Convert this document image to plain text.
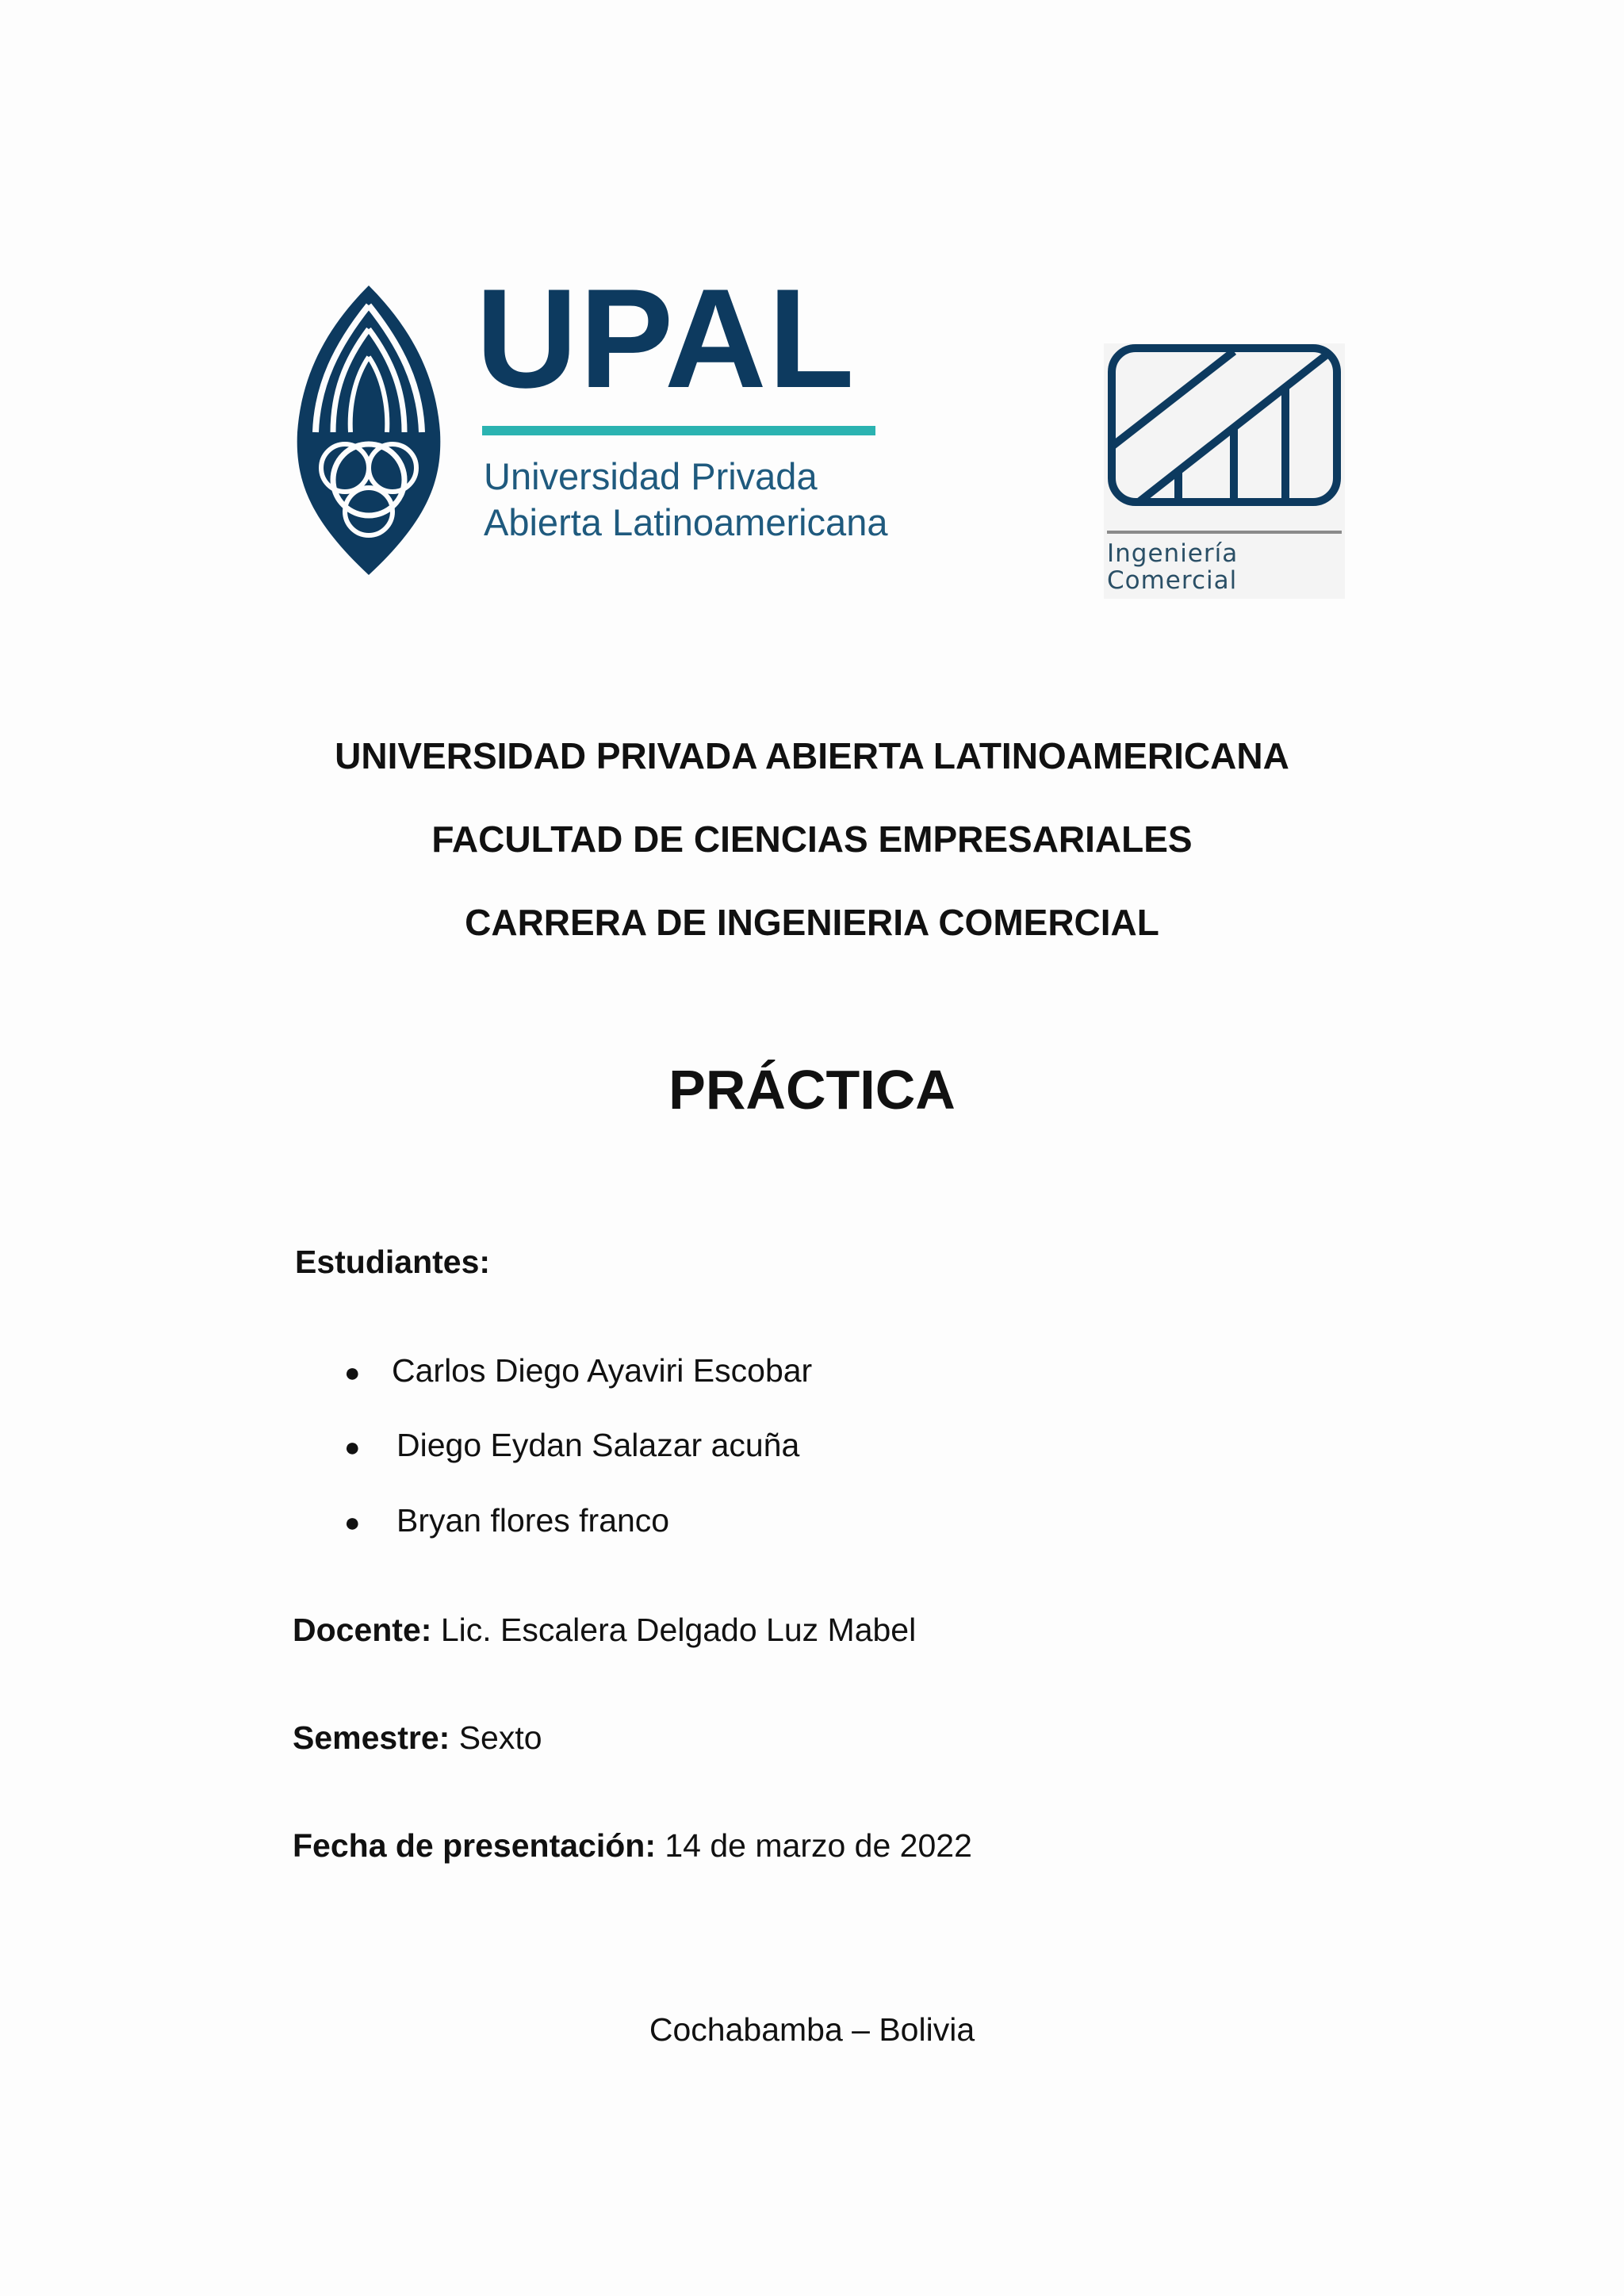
UPAL
Universidad Privada
Abierta Latinoamericana
Ingeniería
Comercial
UNIVERSIDAD PRIVADA ABIERTA LATINOAMERICANA
FACULTAD DE CIENCIAS EMPRESARIALES
CARRERA DE INGENIERIA COMERCIAL
PRÁCTICA
Estudiantes:
● Carlos Diego Ayaviri Escobar
● Diego Eydan Salazar acuña
● Bryan flores franco
Docente: Lic. Escalera Delgado Luz Mabel
Semestre: Sexto
Fecha de presentación: 14 de marzo de 2022
Cochabamba – Bolivia
